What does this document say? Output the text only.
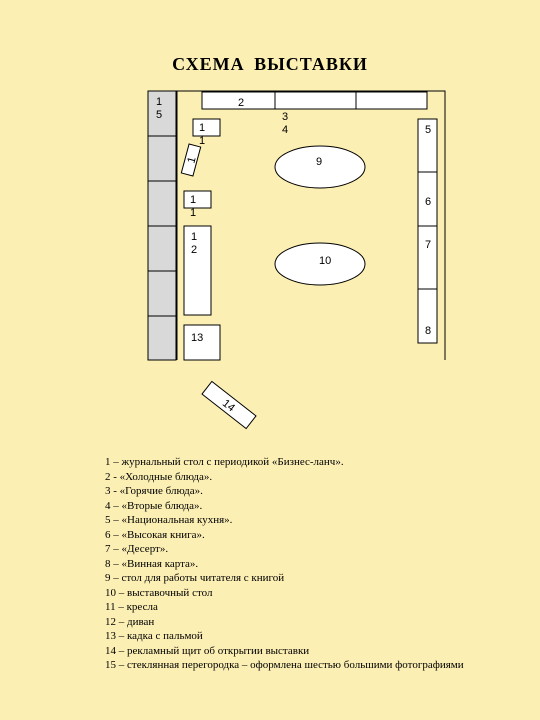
СХЕМА ВЫСТАВКИ
1 5
2
3 4
1 1
1
1 1
1 2
13
9
10
5
6
7
8
14
1 – журнальный стол с периодикой «Бизнес-ланч».
2 - «Холодные блюда».
3 - «Горячие блюда».
4 – «Вторые блюда».
5 – «Национальная кухня».
6 – «Высокая книга».
7 – «Десерт».
8 – «Винная карта».
9 – стол для работы читателя с книгой
10 – выставочный стол
11 – кресла
12 – диван
13 – кадка с пальмой
14 – рекламный щит об открытии выставки
15 – стеклянная перегородка – оформлена шестью большими фотографиями
